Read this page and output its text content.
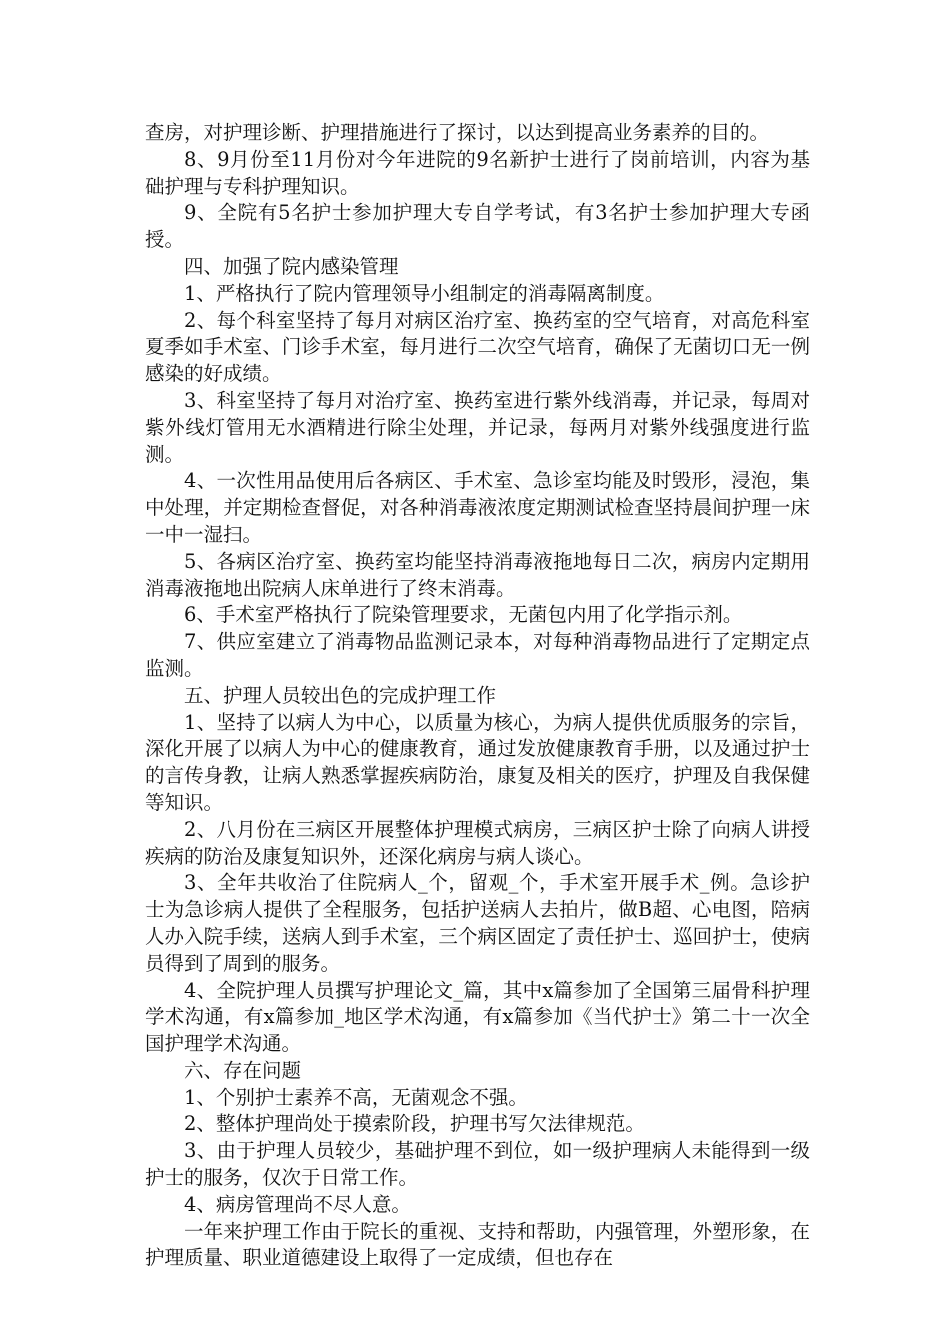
查房，对护理诊断、护理措施进行了探讨，以达到提高业务素养的目的。

8、9月份至11月份对今年进院的9名新护士进行了岗前培训，内容为基础护理与专科护理知识。

9、全院有5名护士参加护理大专自学考试，有3名护士参加护理大专函授。

四、加强了院内感染管理

1、严格执行了院内管理领导小组制定的消毒隔离制度。

2、每个科室坚持了每月对病区治疗室、换药室的空气培育，对高危科室夏季如手术室、门诊手术室，每月进行二次空气培育，确保了无菌切口无一例感染的好成绩。

3、科室坚持了每月对治疗室、换药室进行紫外线消毒，并记录，每周对紫外线灯管用无水酒精进行除尘处理，并记录，每两月对紫外线强度进行监测。

4、一次性用品使用后各病区、手术室、急诊室均能及时毁形，浸泡，集中处理，并定期检查督促，对各种消毒液浓度定期测试检查坚持晨间护理一床一中一湿扫。

5、各病区治疗室、换药室均能坚持消毒液拖地每日二次，病房内定期用消毒液拖地出院病人床单进行了终末消毒。

6、手术室严格执行了院染管理要求，无菌包内用了化学指示剂。

7、供应室建立了消毒物品监测记录本，对每种消毒物品进行了定期定点监测。

五、护理人员较出色的完成护理工作

1、坚持了以病人为中心，以质量为核心，为病人提供优质服务的宗旨，深化开展了以病人为中心的健康教育，通过发放健康教育手册，以及通过护士的言传身教，让病人熟悉掌握疾病防治，康复及相关的医疗，护理及自我保健等知识。

2、八月份在三病区开展整体护理模式病房，三病区护士除了向病人讲授疾病的防治及康复知识外，还深化病房与病人谈心。

3、全年共收治了住院病人_个，留观_个，手术室开展手术_例。急诊护士为急诊病人提供了全程服务，包括护送病人去拍片，做B超、心电图，陪病人办入院手续，送病人到手术室，三个病区固定了责任护士、巡回护士，使病员得到了周到的服务。

4、全院护理人员撰写护理论文_篇，其中x篇参加了全国第三届骨科护理学术沟通，有x篇参加_地区学术沟通，有x篇参加《当代护士》第二十一次全国护理学术沟通。

六、存在问题

1、个别护士素养不高，无菌观念不强。

2、整体护理尚处于摸索阶段，护理书写欠法律规范。

3、由于护理人员较少，基础护理不到位，如一级护理病人未能得到一级护士的服务，仅次于日常工作。

4、病房管理尚不尽人意。

一年来护理工作由于院长的重视、支持和帮助，内强管理，外塑形象，在护理质量、职业道德建设上取得了一定成绩，但也存在
